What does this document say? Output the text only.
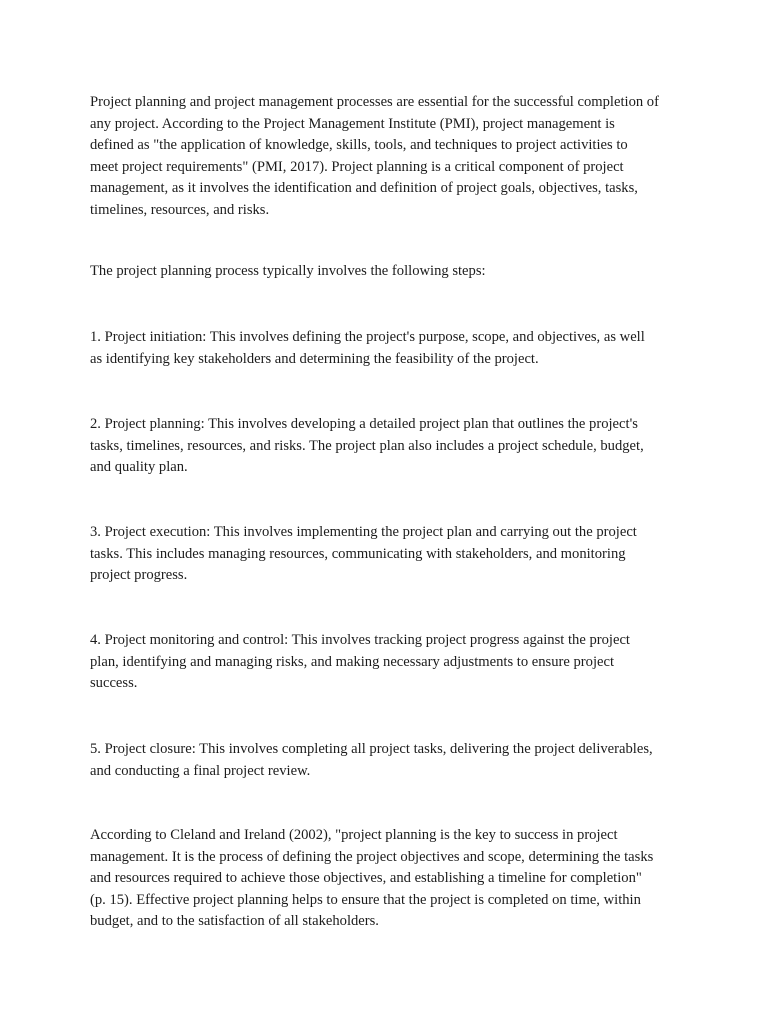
Project planning and project management processes are essential for the successful completion of
any project. According to the Project Management Institute (PMI), project management is
defined as "the application of knowledge, skills, tools, and techniques to project activities to
meet project requirements" (PMI, 2017). Project planning is a critical component of project
management, as it involves the identification and definition of project goals, objectives, tasks,
timelines, resources, and risks.

The project planning process typically involves the following steps:

1. Project initiation: This involves defining the project's purpose, scope, and objectives, as well
as identifying key stakeholders and determining the feasibility of the project.

2. Project planning: This involves developing a detailed project plan that outlines the project's
tasks, timelines, resources, and risks. The project plan also includes a project schedule, budget,
and quality plan.

3. Project execution: This involves implementing the project plan and carrying out the project
tasks. This includes managing resources, communicating with stakeholders, and monitoring
project progress.

4. Project monitoring and control: This involves tracking project progress against the project
plan, identifying and managing risks, and making necessary adjustments to ensure project
success.

5. Project closure: This involves completing all project tasks, delivering the project deliverables,
and conducting a final project review.

According to Cleland and Ireland (2002), "project planning is the key to success in project
management. It is the process of defining the project objectives and scope, determining the tasks
and resources required to achieve those objectives, and establishing a timeline for completion"
(p. 15). Effective project planning helps to ensure that the project is completed on time, within
budget, and to the satisfaction of all stakeholders.
